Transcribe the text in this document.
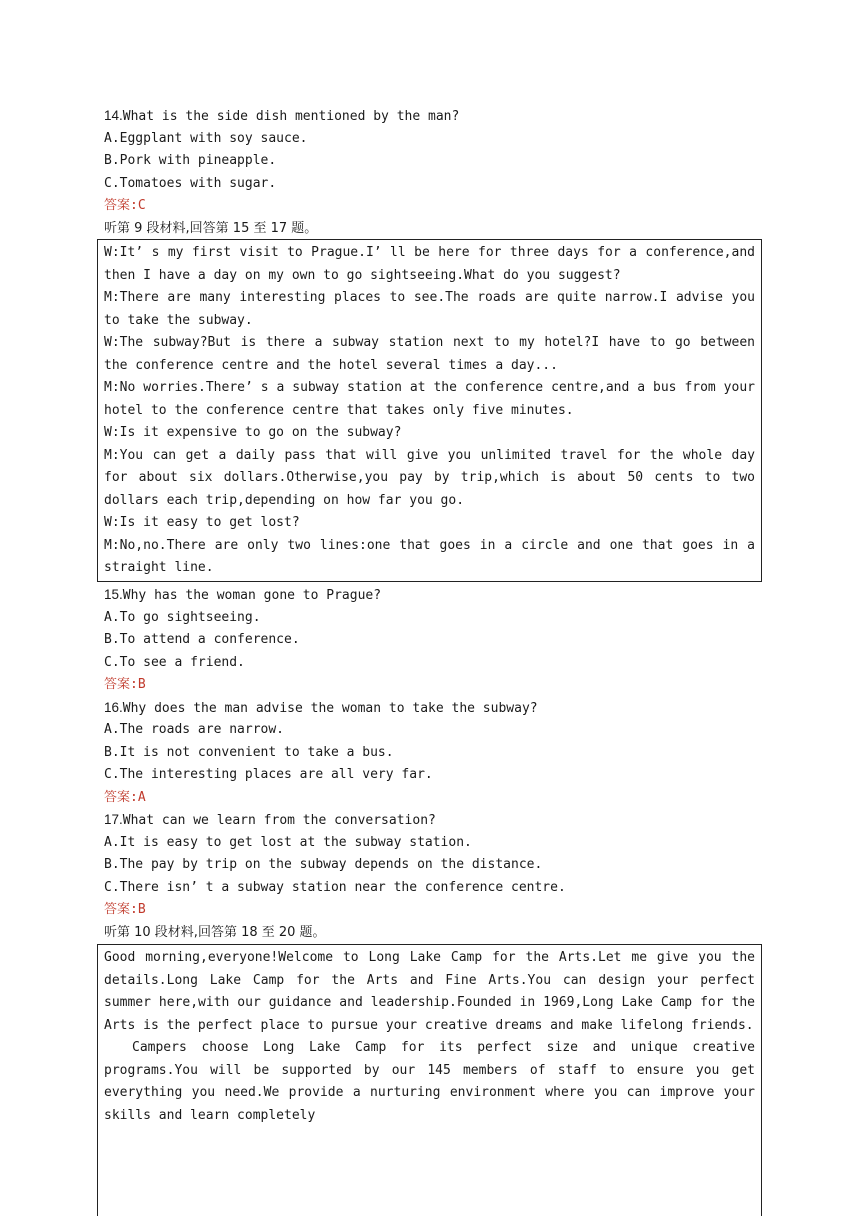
14.What is the side dish mentioned by the man?
A.Eggplant with soy sauce.
B.Pork with pineapple.
C.Tomatoes with sugar.
答案:C
听第 9 段材料,回答第 15 至 17 题。
W:It’ s my first visit to Prague.I’ ll be here for three days for a conference,and then I have a day on my own to go sightseeing.What do you suggest?
M:There are many interesting places to see.The roads are quite narrow.I advise you to take the subway.
W:The subway?But is there a subway station next to my hotel?I have to go between the conference centre and the hotel several times a day...
M:No worries.There’ s a subway station at the conference centre,and a bus from your hotel to the conference centre that takes only five minutes.
W:Is it expensive to go on the subway?
M:You can get a daily pass that will give you unlimited travel for the whole day for about six dollars.Otherwise,you pay by trip,which is about 50 cents to two dollars each trip,depending on how far you go.
W:Is it easy to get lost?
M:No,no.There are only two lines:one that goes in a circle and one that goes in a straight line.
15.Why has the woman gone to Prague?
A.To go sightseeing.
B.To attend a conference.
C.To see a friend.
答案:B
16.Why does the man advise the woman to take the subway?
A.The roads are narrow.
B.It is not convenient to take a bus.
C.The interesting places are all very far.
答案:A
17.What can we learn from the conversation?
A.It is easy to get lost at the subway station.
B.The pay by trip on the subway depends on the distance.
C.There isn’ t a subway station near the conference centre.
答案:B
听第 10 段材料,回答第 18 至 20 题。
Good morning,everyone!Welcome to Long Lake Camp for the Arts.Let me give you the details.Long Lake Camp for the Arts and Fine Arts.You can design your perfect summer here,with our guidance and leadership.Founded in 1969,Long Lake Camp for the Arts is the perfect place to pursue your creative dreams and make lifelong friends.
Campers choose Long Lake Camp for its perfect size and unique creative programs.You will be supported by our 145 members of staff to ensure you get everything you need.We provide a nurturing environment where you can improve your skills and learn completely
